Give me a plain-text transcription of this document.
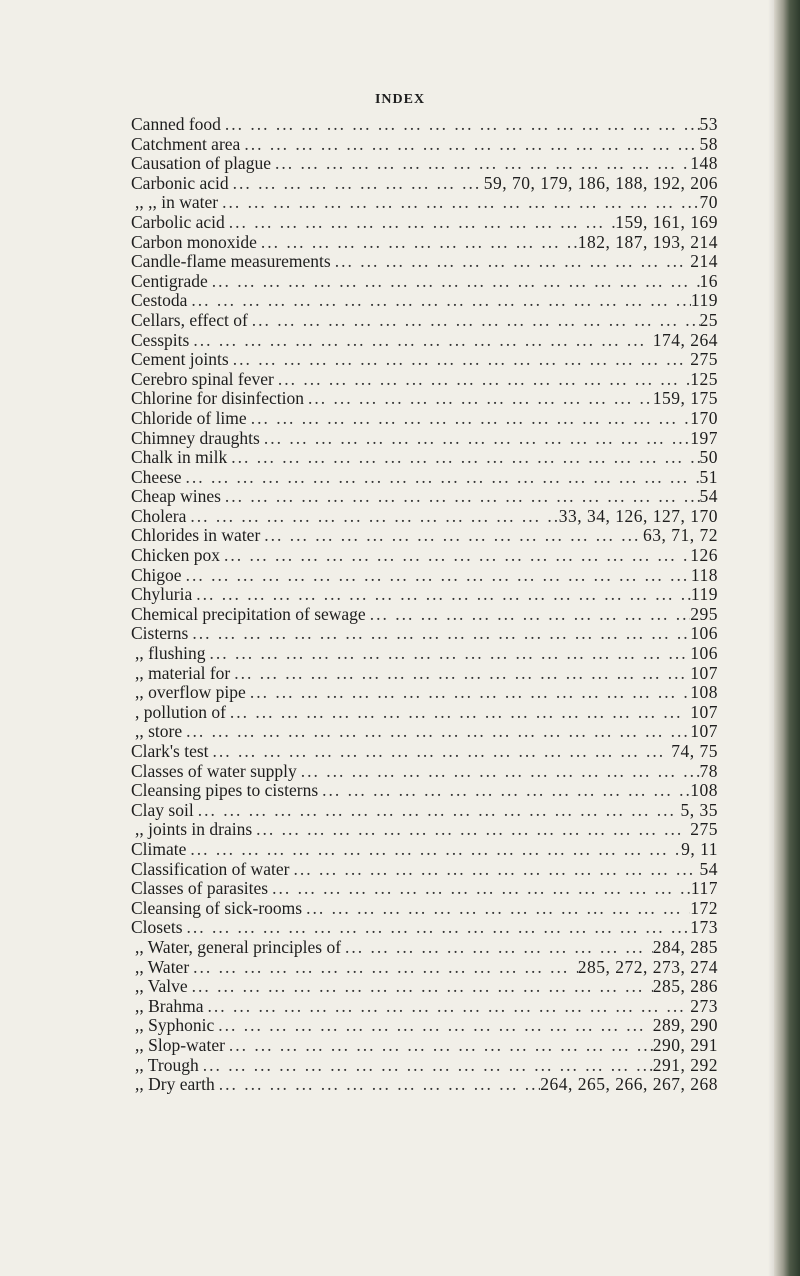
INDEX
Canned food ... .	53
Catchment area ... .	58
Causation of plague ... .	148
Carbonic acid ... .	59, 70, 179, 186, 188, 192, 206
,, ,, in water ... .	70
Carbolic acid ... .	159, 161, 169
Carbon monoxide ... .	182, 187, 193, 214
Candle-flame measurements ... .	214
Centigrade ... .	16
Cestoda ... .	119
Cellars, effect of ... .	25
Cesspits ... .	174, 264
Cement joints ... .	275
Cerebro spinal fever ... .	125
Chlorine for disinfection ... .	159, 175
Chloride of lime ... .	170
Chimney draughts ... .	197
Chalk in milk ... .	50
Cheese ... .	51
Cheap wines ... .	54
Cholera ... .	33, 34, 126, 127, 170
Chlorides in water ... .	63, 71, 72
Chicken pox ... .	126
Chigoe ... .	118
Chyluria ... .	119
Chemical precipitation of sewage ... .	295
Cisterns ... .	106
,, flushing ... .	106
,, material for ... .	107
,, overflow pipe ... .	108
, pollution of ... .	107
,, store ... .	107
Clark's test ... .	74, 75
Classes of water supply ... .	78
Cleansing pipes to cisterns ... .	108
Clay soil ... .	5, 35
,, joints in drains ... .	275
Climate ... .	9, 11
Classification of water ... .	54
Classes of parasites ... .	117
Cleansing of sick-rooms ... .	172
Closets ... .	173
,, Water, general principles of ... .	284, 285
,, Water ... .	285, 272, 273, 274
,, Valve ... .	285, 286
,, Brahma ... .	273
,, Syphonic ... .	289, 290
,, Slop-water ... .	290, 291
,, Trough ... .	291, 292
,, Dry earth ... .	264, 265, 266, 267, 268
